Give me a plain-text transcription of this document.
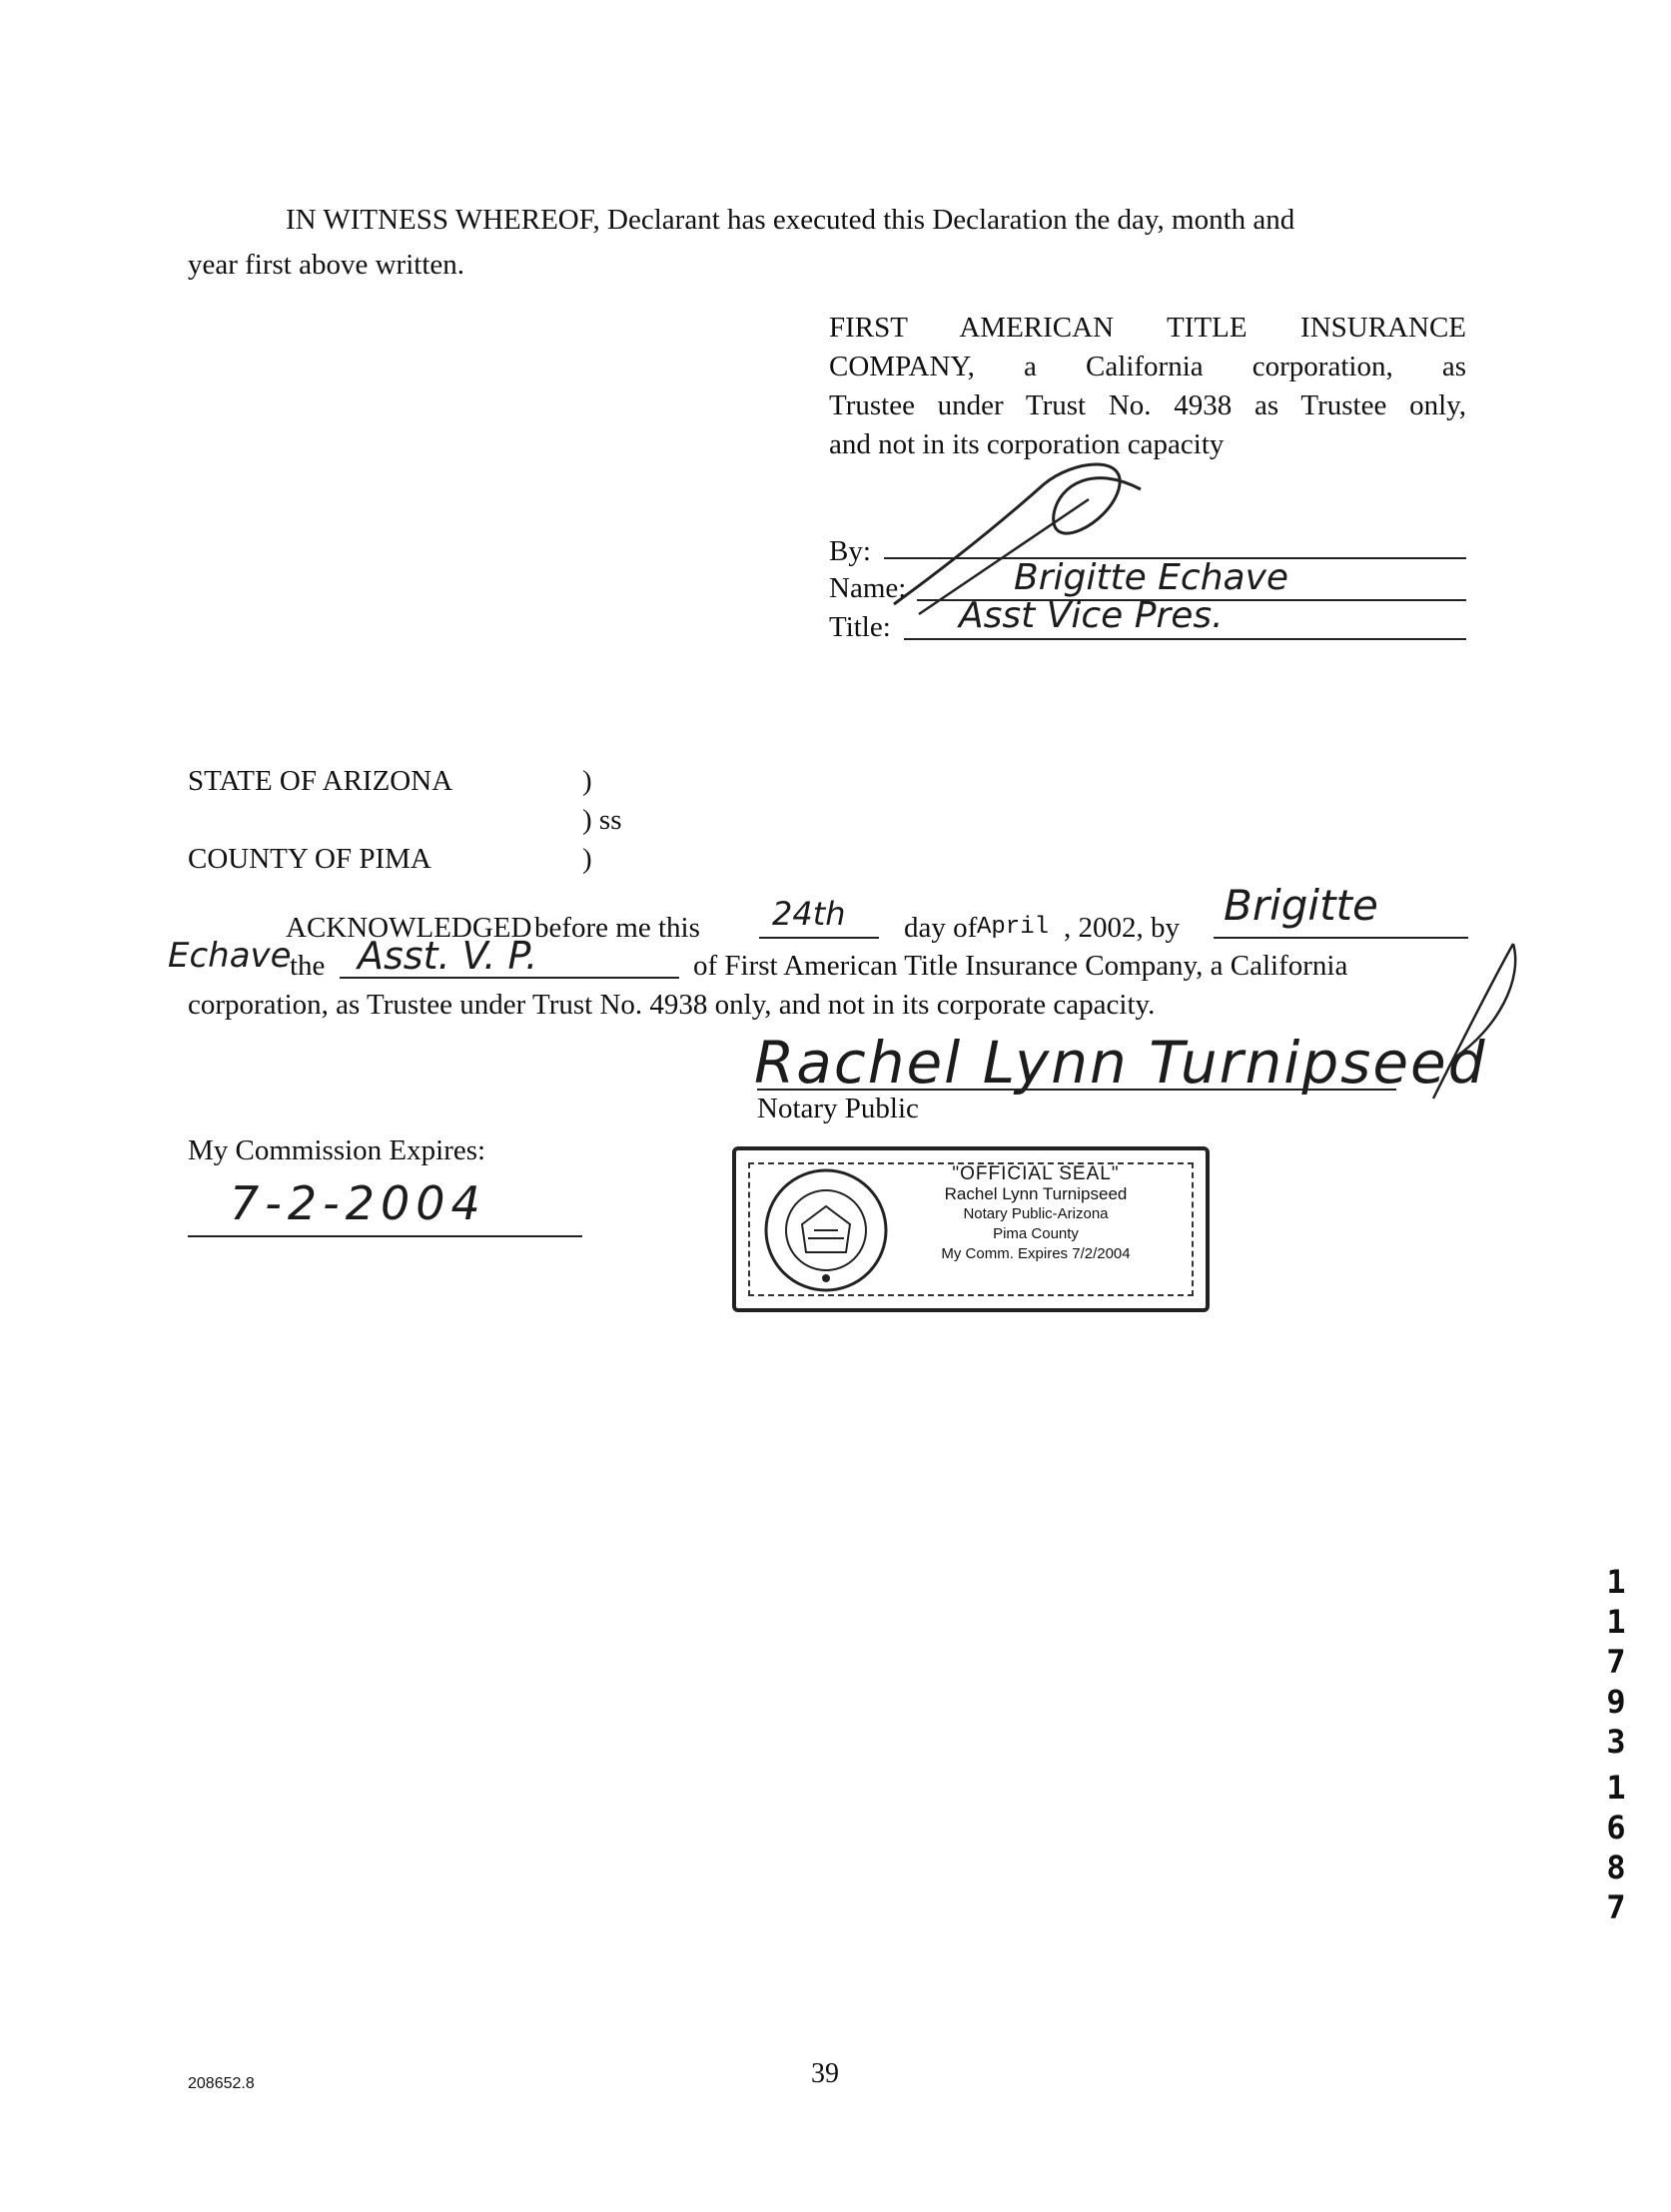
IN WITNESS WHEREOF, Declarant has executed this Declaration the day, month and
year first above written.
FIRST AMERICAN TITLE INSURANCE
COMPANY, a California corporation, as
Trustee under Trust No. 4938 as Trustee only,
and not in its corporation capacity
By:
Name:	Brigitte Echave
Title: Asst Vice Pres.
STATE OF ARIZONA	)
) ss
COUNTY OF PIMA	)
ACKNOWLEDGED before me this 24th day of April , 2002, by Brigitte
Echave
the Asst. V. P.	of First American Title Insurance Company, a California
corporation, as Trustee under Trust No. 4938 only, and not in its corporate capacity.
Rachel Lynn Turnipseed
Notary Public
My Commission Expires:
7-2-2004
"OFFICIAL SEAL"
Rachel Lynn Turnipseed
Notary Public-Arizona
Pima County
My Comm. Expires 7/2/2004
1
1
7
9
3
1
6
8
7
208652.8	39
